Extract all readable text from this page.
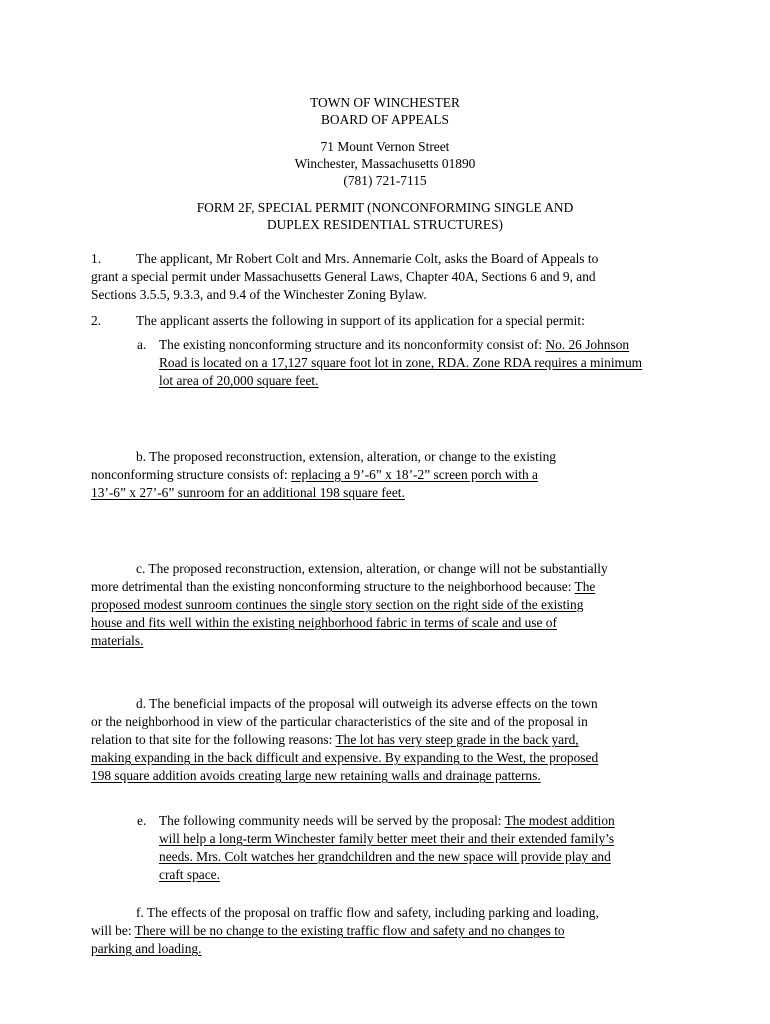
TOWN OF WINCHESTER
BOARD OF APPEALS
71 Mount Vernon Street
Winchester, Massachusetts 01890
(781) 721-7115
FORM 2F, SPECIAL PERMIT (NONCONFORMING SINGLE AND
DUPLEX RESIDENTIAL STRUCTURES)
1.	The applicant, Mr Robert Colt and Mrs. Annemarie Colt, asks the Board of Appeals to
grant a special permit under Massachusetts General Laws, Chapter 40A, Sections 6 and 9, and
Sections 3.5.5, 9.3.3, and 9.4 of the Winchester Zoning Bylaw.
2.	The applicant asserts the following in support of its application for a special permit:
a. The existing nonconforming structure and its nonconformity consist of: No. 26 Johnson
Road is located on a 17,127 square foot lot in zone, RDA. Zone RDA requires a minimum
lot area of 20,000 square feet.
b. The proposed reconstruction, extension, alteration, or change to the existing
nonconforming structure consists of: replacing a 9’-6” x 18’-2” screen porch with a
13’-6” x 27’-6” sunroom for an additional 198 square feet.
c. The proposed reconstruction, extension, alteration, or change will not be substantially
more detrimental than the existing nonconforming structure to the neighborhood because: The
proposed modest sunroom continues the single story section on the right side of the existing
house and fits well within the existing neighborhood fabric in terms of scale and use of
materials.
d. The beneficial impacts of the proposal will outweigh its adverse effects on the town
or the neighborhood in view of the particular characteristics of the site and of the proposal in
relation to that site for the following reasons: The lot has very steep grade in the back yard,
making expanding in the back difficult and expensive. By expanding to the West, the proposed
198 square addition avoids creating large new retaining walls and drainage patterns.
e. The following community needs will be served by the proposal: The modest addition
will help a long-term Winchester family better meet their and their extended family’s
needs. Mrs. Colt watches her grandchildren and the new space will provide play and
craft space.
f. The effects of the proposal on traffic flow and safety, including parking and loading,
will be: There will be no change to the existing traffic flow and safety and no changes to
parking and loading.
